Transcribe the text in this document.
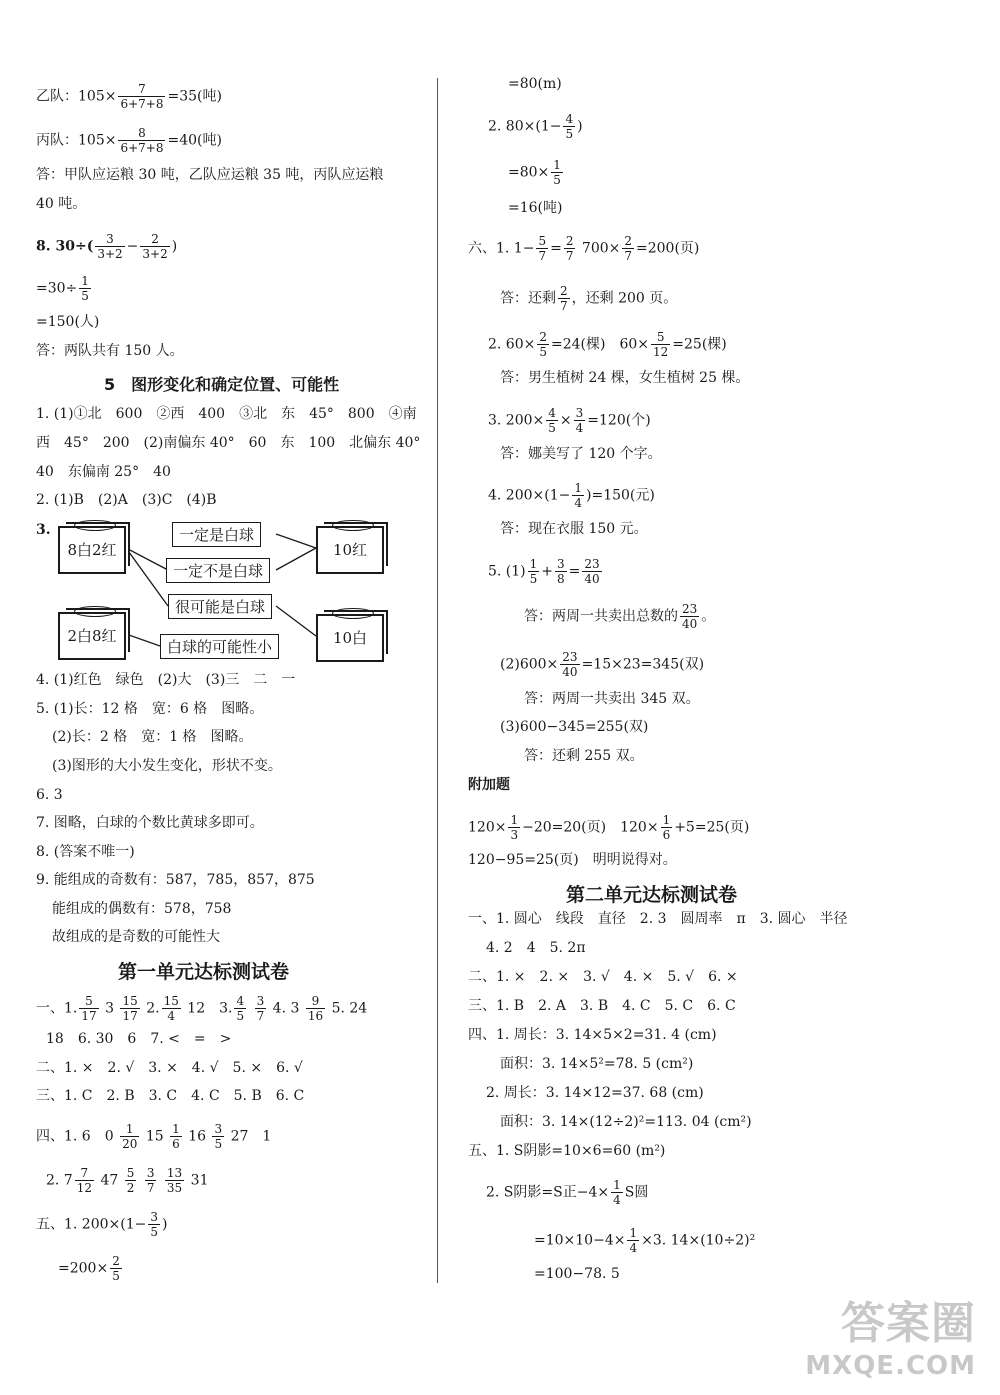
乙队：$105\times \frac{7}{6+7+8} =35$(吨)
丙队：$105\times \frac{8}{6+7+8} =40$(吨)
答：甲队应运粮 30 吨，乙队应运粮 35 吨，丙队应运粮
40 吨。
8. $30\div( \frac{3}{3+2} - \frac{2}{3+2}$ )
$=30\div \frac{1}{5}$
=150(人)
答：两队共有 150 人。
5　图形变化和确定位置、可能性
1. (1)①北　600　②西　400　③北　东　45°　800　④南
西　45°　200　(2)南偏东 40°　60　东　100　北偏东 40°
40　东偏南 25°　40
2. (1)B　(2)A　(3)C　(4)B
3.
8白2红
2白8红
10红
10白
一定是白球
一定不是白球
很可能是白球
白球的可能性小
4. (1)红色　绿色　(2)大　(3)三　二　一
5. (1)长：12 格　宽：6 格　图略。
(2)长：2 格　宽：1 格　图略。
(3)图形的大小发生变化，形状不变。
6. 3
7. 图略，白球的个数比黄球多即可。
8. (答案不唯一)
9. 能组成的奇数有：587，785，857，875
能组成的偶数有：578，758
故组成的是奇数的可能性大
第一单元达标测试卷
一、1. $\frac{5}{17} 3 \frac{15}{17} 2$. $\frac{15}{4} 12$　3. $\frac{4}{5}$
$\frac{3}{7} 4$. $3 \frac{9}{16} 5$. 24
18　6. 30　6　7. <　=　>
二、1. ×　2. √　3. ×　4. √　5. ×　6. √
三、1. C　2. B　3. C　4. C　5. B　6. C
四、1. 6　$0 \frac{1}{20} 15 \frac{1}{6} 16 \frac{3}{5} 27$　1
2. $7 \frac{7}{12} 47 \frac{5}{2}$
$\frac{3}{7}$
$\frac{13}{35} 31$
五、1. $200\times(1- \frac{3}{5}$ )
$=200\times \frac{2}{5}$
=80(m)
2. $80\times(1- \frac{4}{5}$ )
$=80\times \frac{1}{5}$
=16(吨)
六、1. $1- \frac{5}{7} = \frac{2}{7} 700\times \frac{2}{7} =200$(页)
答：还剩 $\frac{2}{7}$ ，还剩 200 页。
2. $60\times \frac{2}{5} =24$(棵)　$60\times \frac{5}{12} =25$(棵)
答：男生植树 24 棵，女生植树 25 棵。
3. $200\times \frac{4}{5} \times \frac{3}{4} =120$(个)
答：娜美写了 120 个字。
4. $200\times(1- \frac{1}{4} )=150$(元)
答：现在衣服 150 元。
5. $(1) \frac{1}{5} + \frac{3}{8} = \frac{23}{40}$
答：两周一共卖出总数的 $\frac{23}{40}$ 。
$(2)600\times \frac{23}{40} =15\times 23=345$(双)
答：两周一共卖出 345 双。
(3)600−345=255(双)
答：还剩 255 双。
附加题
$120\times \frac{1}{3} -20=20$(页)　$120\times \frac{1}{6} +5=25$(页)
120−95=25(页)　明明说得对。
第二单元达标测试卷
一、1. 圆心　线段　直径　2. 3　圆周率　π　3. 圆心　半径
4. 2　4　5. 2π
二、1. ×　2. ×　3. √　4. ×　5. √　6. ×
三、1. B　2. A　3. B　4. C　5. C　6. C
四、1. 周长：3. 14×5×2=31. 4 (cm)
面积：3. 14×5²=78. 5 (cm²)
2. 周长：3. 14×12=37. 68 (cm)
面积：3. 14×(12÷2)²=113. 04 (cm²)
五、1. S阴影=10×6=60 (m²)
2. S阴影=S正$-4\times \frac{1}{4}$ S圆
$=10\times 10-4\times \frac{1}{4} \times 3$. 14×(10÷2)²
=100−78. 5
答案圈
MXQE.COM
